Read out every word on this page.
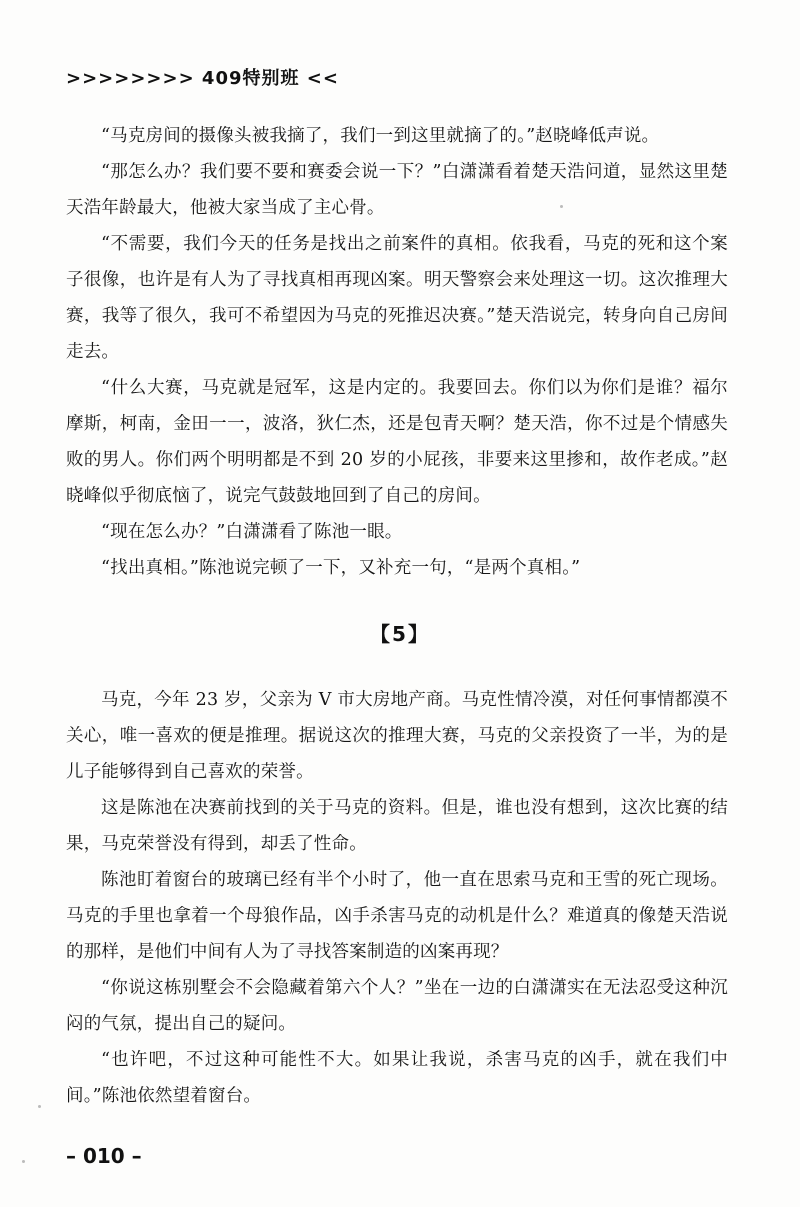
>>>>>>>> 409特别班 <<

“马克房间的摄像头被我摘了，我们一到这里就摘了的。”赵晓峰低声说。

“那怎么办？我们要不要和赛委会说一下？”白潇潇看着楚天浩问道，显然这里楚天浩年龄最大，他被大家当成了主心骨。

“不需要，我们今天的任务是找出之前案件的真相。依我看，马克的死和这个案子很像，也许是有人为了寻找真相再现凶案。明天警察会来处理这一切。这次推理大赛，我等了很久，我可不希望因为马克的死推迟决赛。”楚天浩说完，转身向自己房间走去。

“什么大赛，马克就是冠军，这是内定的。我要回去。你们以为你们是谁？福尔摩斯，柯南，金田一一，波洛，狄仁杰，还是包青天啊？楚天浩，你不过是个情感失败的男人。你们两个明明都是不到 20 岁的小屁孩，非要来这里掺和，故作老成。”赵晓峰似乎彻底恼了，说完气鼓鼓地回到了自己的房间。

“现在怎么办？”白潇潇看了陈池一眼。

“找出真相。”陈池说完顿了一下，又补充一句，“是两个真相。”

【5】

马克，今年 23 岁，父亲为 V 市大房地产商。马克性情冷漠，对任何事情都漠不关心，唯一喜欢的便是推理。据说这次的推理大赛，马克的父亲投资了一半，为的是儿子能够得到自己喜欢的荣誉。

这是陈池在决赛前找到的关于马克的资料。但是，谁也没有想到，这次比赛的结果，马克荣誉没有得到，却丢了性命。

陈池盯着窗台的玻璃已经有半个小时了，他一直在思索马克和王雪的死亡现场。马克的手里也拿着一个母狼作品，凶手杀害马克的动机是什么？难道真的像楚天浩说的那样，是他们中间有人为了寻找答案制造的凶案再现？

“你说这栋别墅会不会隐藏着第六个人？”坐在一边的白潇潇实在无法忍受这种沉闷的气氛，提出自己的疑问。

“也许吧，不过这种可能性不大。如果让我说，杀害马克的凶手，就在我们中间。”陈池依然望着窗台。

– 010 –
